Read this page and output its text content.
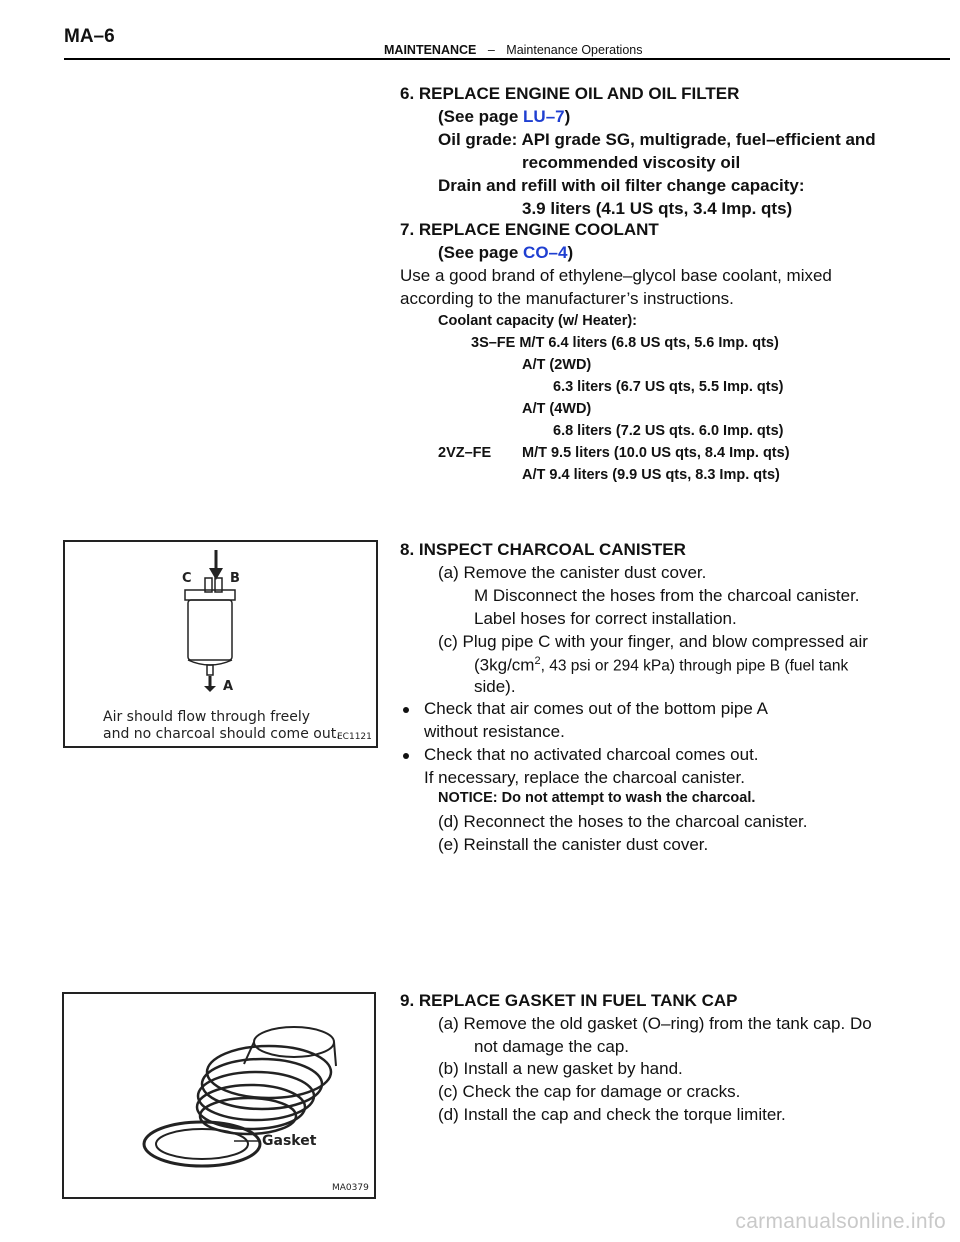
MA–6
MAINTENANCE – Maintenance Operations
6. REPLACE ENGINE OIL AND OIL FILTER
(See page LU–7)
Oil grade: API grade SG, multigrade, fuel–efficient and
recommended viscosity oil
Drain and refill with oil filter change capacity:
3.9 liters (4.1 US qts, 3.4 Imp. qts)
7. REPLACE ENGINE COOLANT
(See page CO–4)
Use a good brand of ethylene–glycol base coolant, mixed
according to the manufacturer’s instructions.
Coolant capacity (w/ Heater):
3S–FE M/T 6.4 liters (6.8 US qts, 5.6 Imp. qts)
A/T (2WD)
6.3 liters (6.7 US qts, 5.5 Imp. qts)
A/T (4WD)
6.8 liters (7.2 US qts. 6.0 Imp. qts)
2VZ–FE M/T 9.5 liters (10.0 US qts, 8.4 Imp. qts)
A/T 9.4 liters (9.9 US qts, 8.3 Imp. qts)
C	B
A
Air should flow through freely
and no charcoal should come out.
EC1121
8. INSPECT CHARCOAL CANISTER
(a) Remove the canister dust cover.
M Disconnect the hoses from the charcoal canister.
Label hoses for correct installation.
(c) Plug pipe C with your finger, and blow compressed air
($3kg/cm^2$, 43 psi or 294 kPa) through pipe B (fuel tank
side).
Check that air comes out of the bottom pipe A
without resistance.
Check that no activated charcoal comes out.
If necessary, replace the charcoal canister.
NOTICE: Do not attempt to wash the charcoal.
(d) Reconnect the hoses to the charcoal canister.
(e) Reinstall the canister dust cover.
Gasket
MA0379
9. REPLACE GASKET IN FUEL TANK CAP
(a) Remove the old gasket (O–ring) from the tank cap. Do
not damage the cap.
(b) Install a new gasket by hand.
(c) Check the cap for damage or cracks.
(d) Install the cap and check the torque limiter.
carmanualsonline.info
